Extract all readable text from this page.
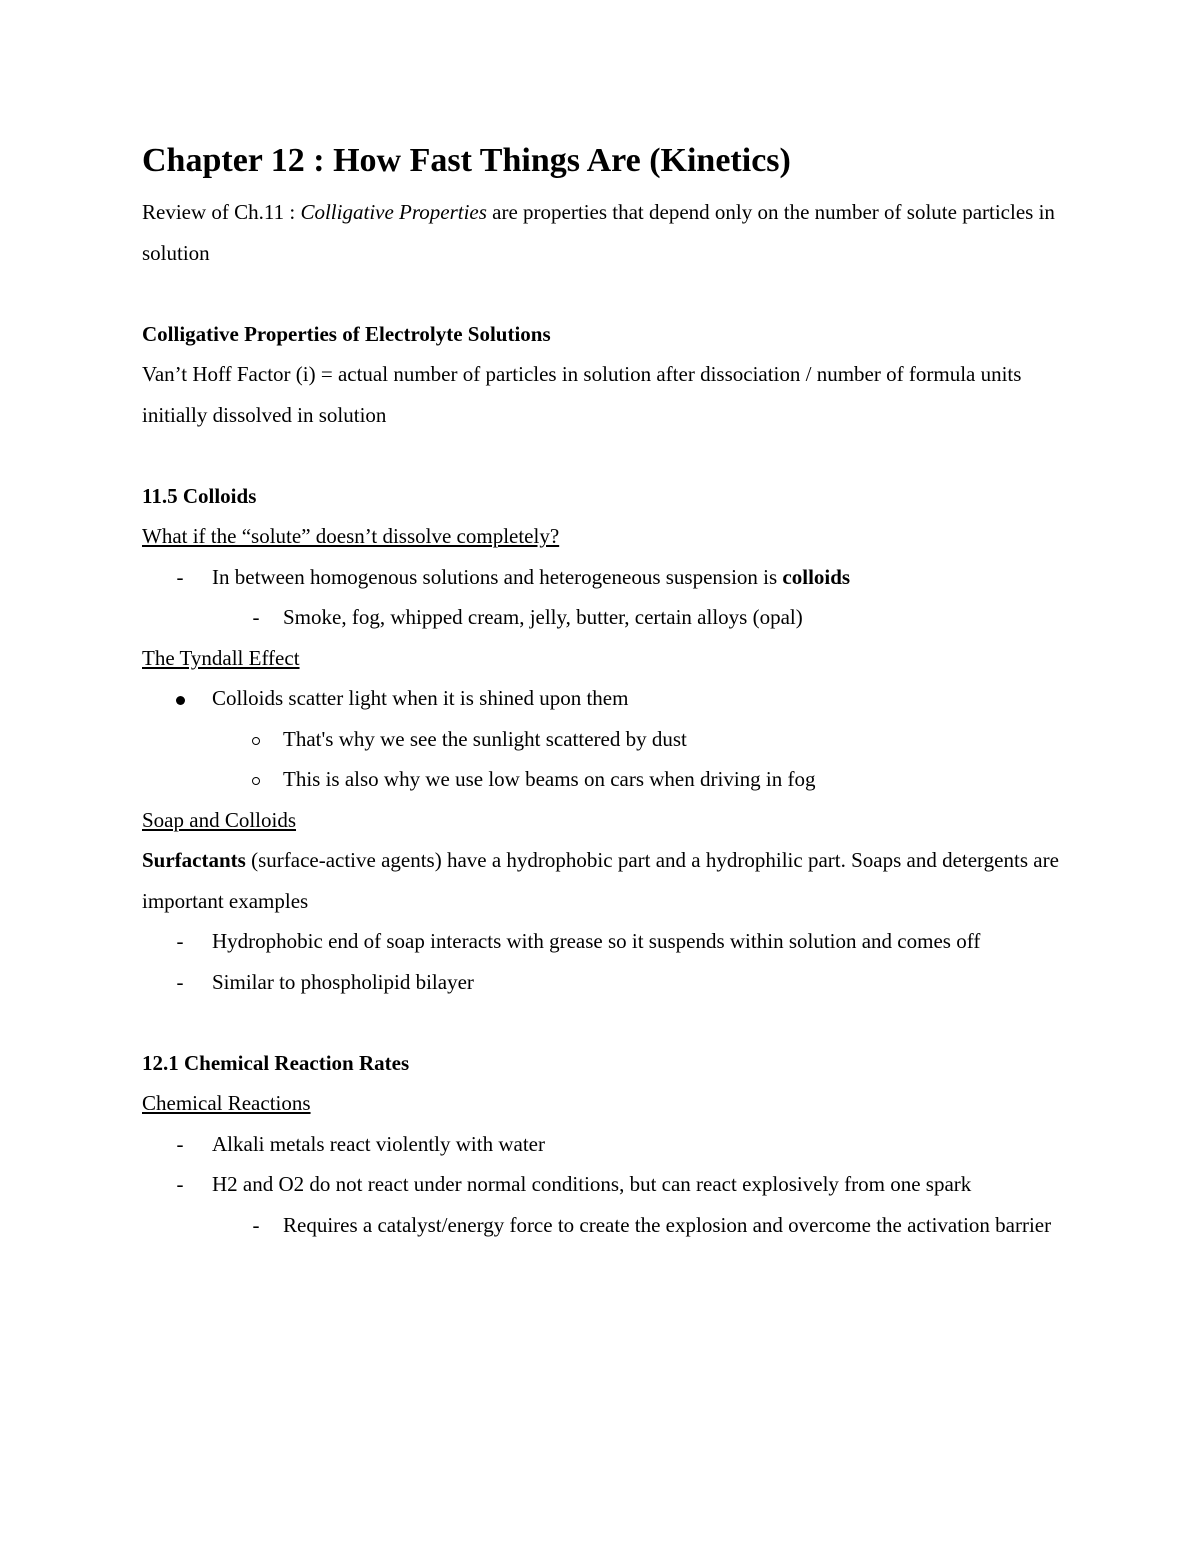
Chapter 12 : How Fast Things Are (Kinetics)

Review of Ch.11 : Colligative Properties are properties that depend only on the number of solute particles in solution

Colligative Properties of Electrolyte Solutions

Van’t Hoff Factor (i) = actual number of particles in solution after dissociation / number of formula units initially dissolved in solution

11.5 Colloids

What if the “solute” doesn’t dissolve completely?

-	In between homogenous solutions and heterogeneous suspension is colloids
-	Smoke, fog, whipped cream, jelly, butter, certain alloys (opal)

The Tyndall Effect

Colloids scatter light when it is shined upon them
That's why we see the sunlight scattered by dust
This is also why we use low beams on cars when driving in fog

Soap and Colloids

Surfactants (surface-active agents) have a hydrophobic part and a hydrophilic part. Soaps and detergents are important examples

-	Hydrophobic end of soap interacts with grease so it suspends within solution and comes off
-	Similar to phospholipid bilayer

12.1 Chemical Reaction Rates

Chemical Reactions

-	Alkali metals react violently with water
-	H2 and O2 do not react under normal conditions, but can react explosively from one spark
-	Requires a catalyst/energy force to create the explosion and overcome the activation barrier
